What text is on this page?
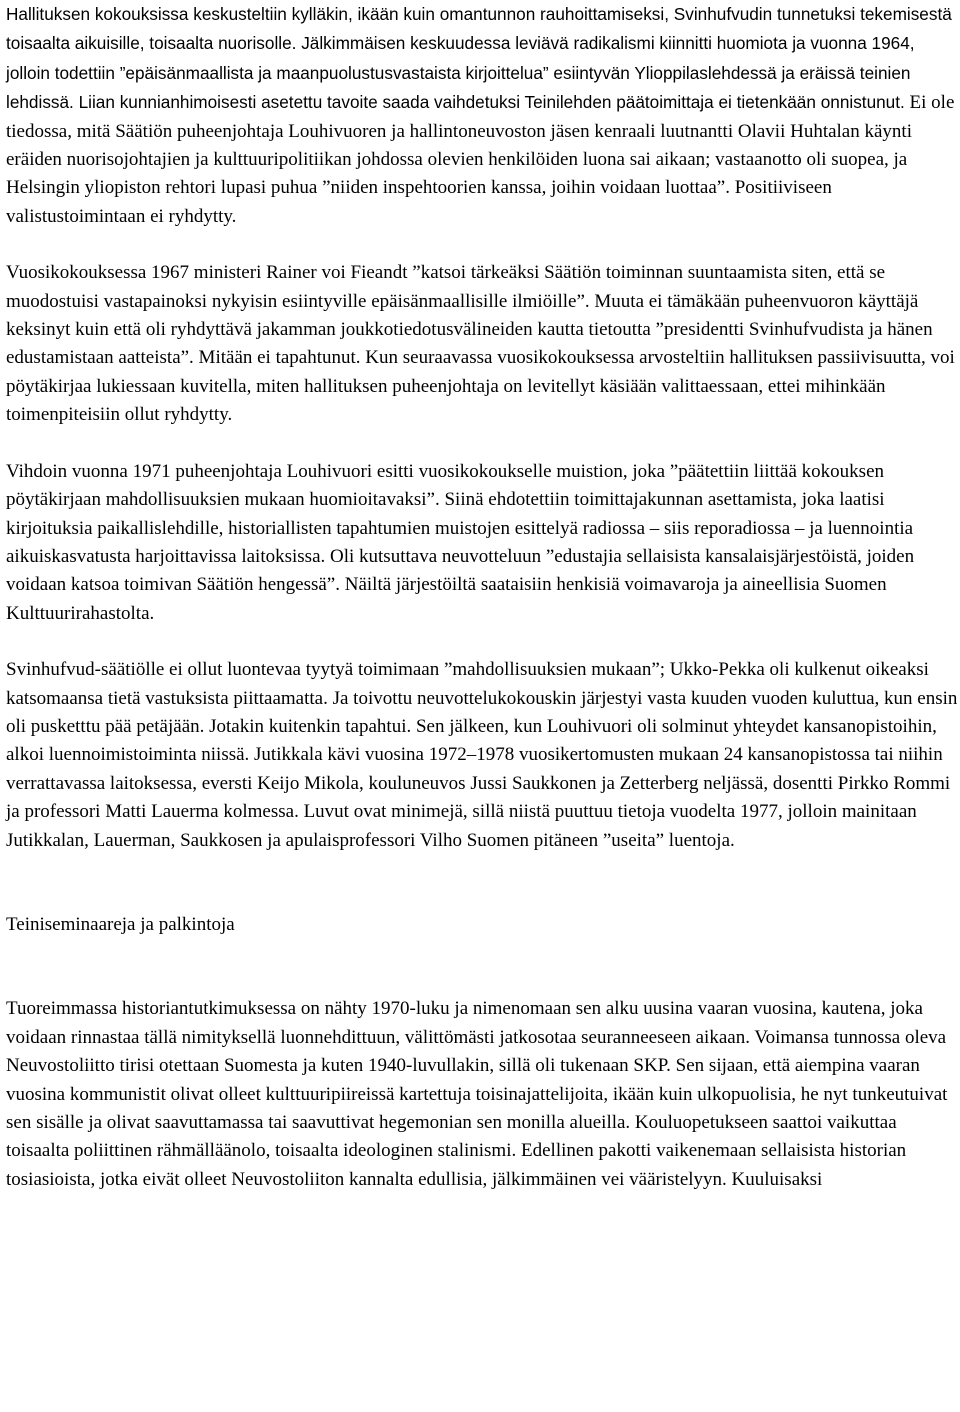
Hallituksen kokouksissa keskusteltiin kylläkin, ikään kuin omantunnon rauhoittamiseksi, Svinhufvudin tunnetuksi tekemisestä toisaalta aikuisille, toisaalta nuorisolle. Jälkimmäisen keskuudessa leviävä radikalismi kiinnitti huomiota ja vuonna 1964, jolloin todettiin ”epäisänmaallista ja maanpuolustusvastaista kirjoittelua” esiintyvän Ylioppilaslehdessä ja eräissä teinien lehdissä. Liian kunnianhimoisesti asetettu tavoite saada vaihdetuksi Teinilehden päätoimittaja ei tietenkään onnistunut. Ei ole tiedossa, mitä Säätiön puheenjohtaja Louhivuoren ja hallintoneuvoston jäsen kenraali luutnantti Olavii Huhtalan käynti eräiden nuorisojohtajien ja kulttuuripolitiikan johdossa olevien henkilöiden luona sai aikaan; vastaanotto oli suopea, ja Helsingin yliopiston rehtori lupasi puhua ”niiden inspehtoorien kanssa, joihin voidaan luottaa”. Positiiviseen valistustoimintaan ei ryhdytty.

Vuosikokouksessa 1967 ministeri Rainer voi Fieandt ”katsoi tärkeäksi Säätiön toiminnan suuntaamista siten, että se muodostuisi vastapainoksi nykyisin esiintyville epäisänmaallisille ilmiöille”. Muuta ei tämäkään puheenvuoron käyttäjä keksinyt kuin että oli ryhdyttävä jakamman joukkotiedotusvälineiden kautta tietoutta ”presidentti Svinhufvudista ja hänen edustamistaan aatteista”. Mitään ei tapahtunut. Kun seuraavassa vuosikokouksessa arvosteltiin hallituksen passiivisuutta, voi pöytäkirjaa lukiessaan kuvitella, miten hallituksen puheenjohtaja on levitellyt käsiään valittaessaan, ettei mihinkään toimenpiteisiin ollut ryhdytty.

Vihdoin vuonna 1971 puheenjohtaja Louhivuori esitti vuosikokoukselle muistion, joka ”päätettiin liittää kokouksen pöytäkirjaan mahdollisuuksien mukaan huomioitavaksi”. Siinä ehdotettiin toimittajakunnan asettamista, joka laatisi kirjoituksia paikallislehdille, historiallisten tapahtumien muistojen esittelyä radiossa – siis reporadiossa – ja luennointia aikuiskasvatusta harjoittavissa laitoksissa. Oli kutsuttava neuvotteluun ”edustajia sellaisista kansalaisjärjestöistä, joiden voidaan katsoa toimivan Säätiön hengessä”. Näiltä järjestöiltä saataisiin henkisiä voimavaroja ja aineellisia Suomen Kulttuurirahastolta.

Svinhufvud-säätiölle ei ollut luontevaa tyytyä toimimaan ”mahdollisuuksien mukaan”; Ukko-Pekka oli kulkenut oikeaksi katsomaansa tietä vastuksista piittaamatta. Ja toivottu neuvottelukokouskin järjestyi vasta kuuden vuoden kuluttua, kun ensin oli pusketttu pää petäjään. Jotakin kuitenkin tapahtui. Sen jälkeen, kun Louhivuori oli solminut yhteydet kansanopistoihin, alkoi luennoimistoiminta niissä. Jutikkala kävi vuosina 1972–1978 vuosikertomusten mukaan 24 kansanopistossa tai niihin verrattavassa laitoksessa, eversti Keijo Mikola, kouluneuvos Jussi Saukkonen ja Zetterberg neljässä, dosentti Pirkko Rommi ja professori Matti Lauerma kolmessa. Luvut ovat minimejä, sillä niistä puuttuu tietoja vuodelta 1977, jolloin mainitaan Jutikkalan, Lauerman, Saukkosen ja apulaisprofessori Vilho Suomen pitäneen ”useita” luentoja.

Teiniseminaareja ja palkintoja

Tuoreimmassa historiantutkimuksessa on nähty 1970-luku ja nimenomaan sen alku uusina vaaran vuosina, kautena, joka voidaan rinnastaa tällä nimityksellä luonnehdittuun, välittömästi jatkosotaa seuranneeseen aikaan. Voimansa tunnossa oleva Neuvostoliitto tirisi otettaan Suomesta ja kuten 1940-luvullakin, sillä oli tukenaan SKP. Sen sijaan, että aiempina vaaran vuosina kommunistit olivat olleet kulttuuripiireissä kartettuja toisinajattelijoita, ikään kuin ulkopuolisia, he nyt tunkeutuivat sen sisälle ja olivat saavuttamassa tai saavuttivat hegemonian sen monilla alueilla. Kouluopetukseen saattoi vaikuttaa toisaalta poliittinen rähmälläänolo, toisaalta ideologinen stalinismi. Edellinen pakotti vaikenemaan sellaisista historian tosiasioista, jotka eivät olleet Neuvostoliiton kannalta edullisia, jälkimmäinen vei vääristelyyn. Kuuluisaksi
